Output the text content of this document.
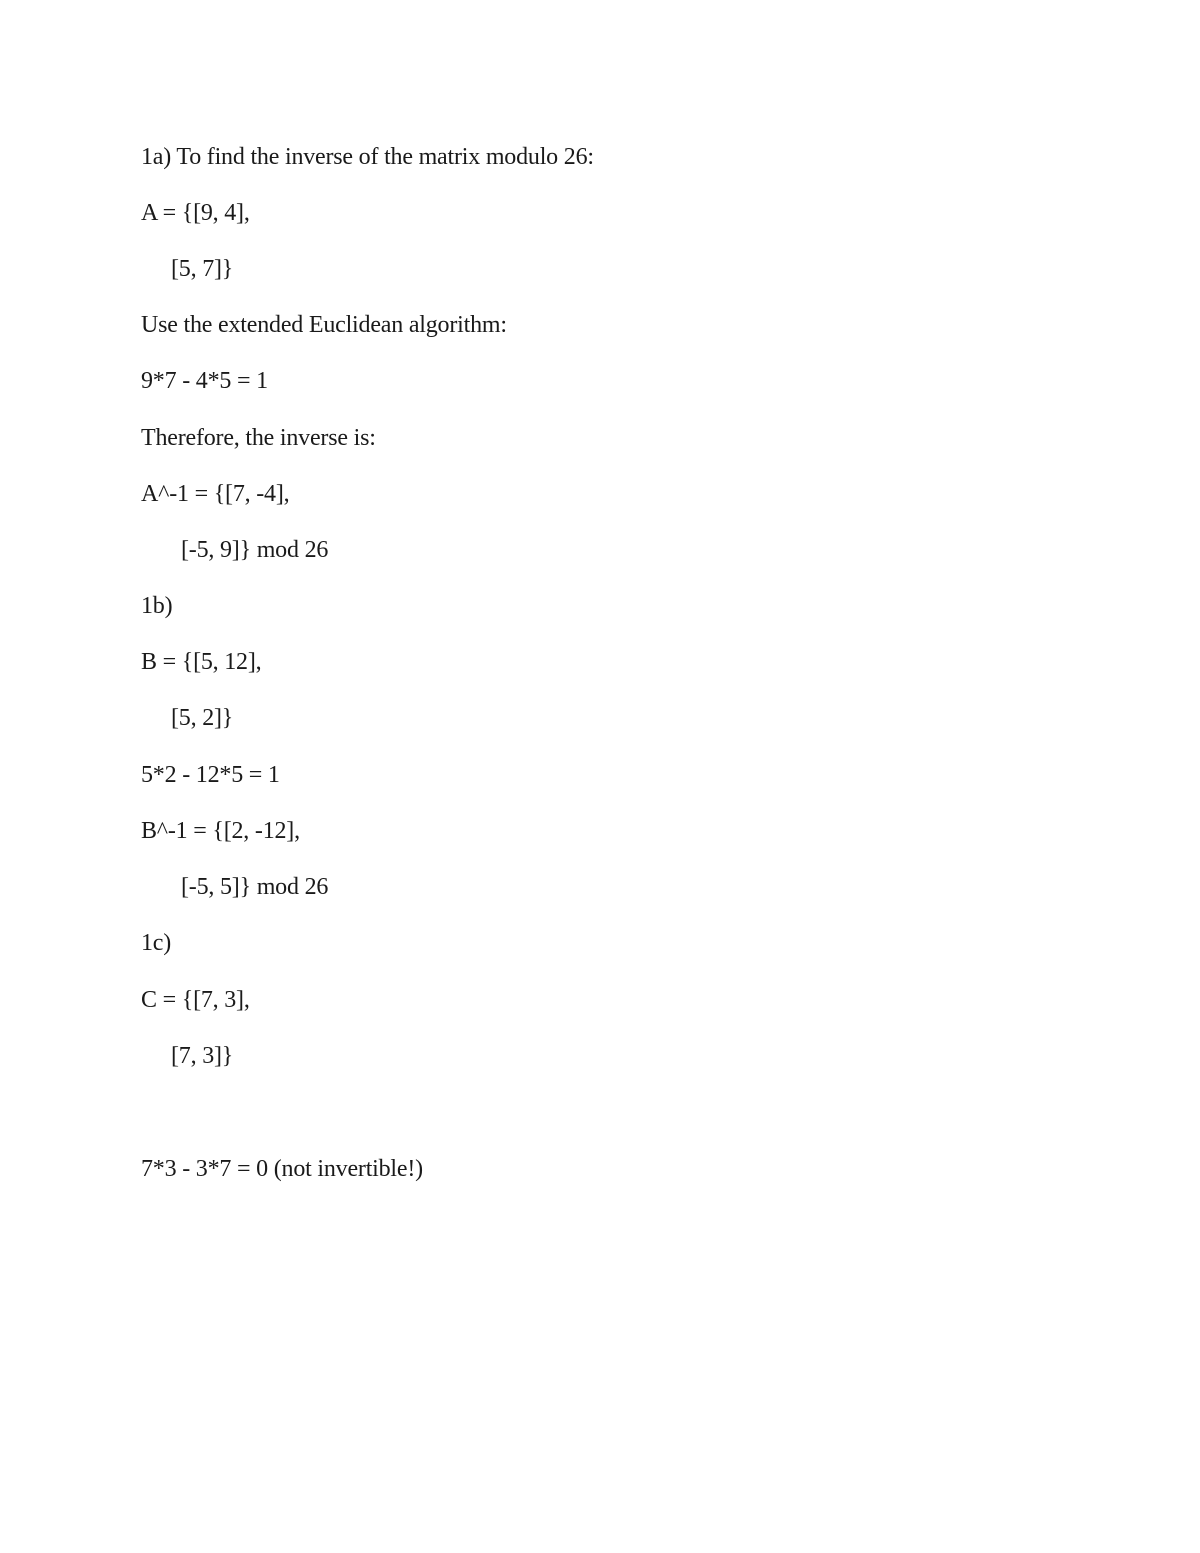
1a) To find the inverse of the matrix modulo 26:
A = {[9, 4],
[5, 7]}
Use the extended Euclidean algorithm:
9*7 - 4*5 = 1
Therefore, the inverse is:
A^-1 = {[7, -4],
[-5, 9]} mod 26
1b)
B = {[5, 12],
[5, 2]}
5*2 - 12*5 = 1
B^-1 = {[2, -12],
[-5, 5]} mod 26
1c)
C = {[7, 3],
[7, 3]}
7*3 - 3*7 = 0 (not invertible!)
